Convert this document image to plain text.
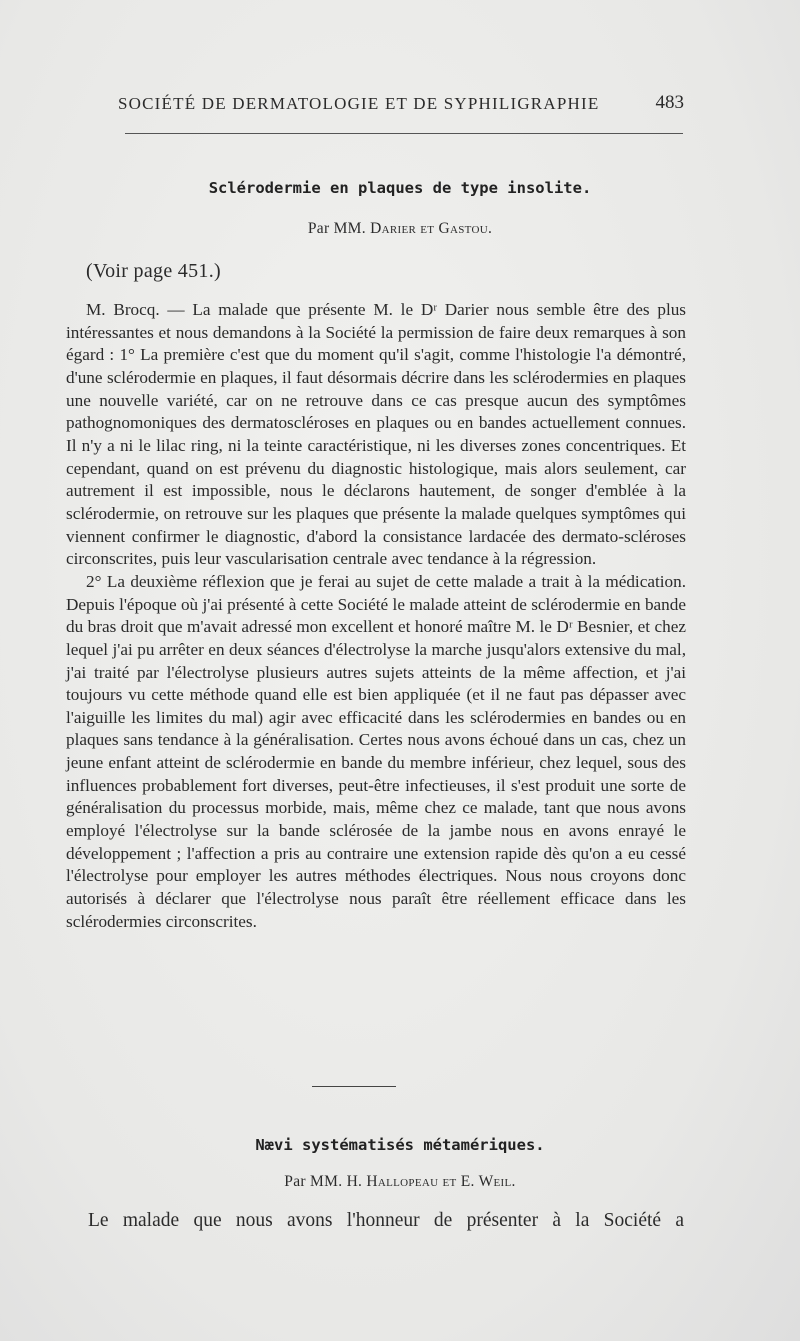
SOCIÉTÉ DE DERMATOLOGIE ET DE SYPHILIGRAPHIE	483
Sclérodermie en plaques de type insolite.
Par MM. Darier et Gastou.
(Voir page 451.)

M. Brocq. — La malade que présente M. le Dʳ Darier nous semble être des plus intéressantes et nous demandons à la Société la permission de faire deux remarques à son égard : 1° La première c'est que du moment qu'il s'agit, comme l'histologie l'a démontré, d'une sclérodermie en plaques, il faut désormais décrire dans les sclérodermies en plaques une nouvelle variété, car on ne retrouve dans ce cas presque aucun des symptômes pathognomoniques des dermatoscléroses en plaques ou en bandes actuellement connues. Il n'y a ni le lilac ring, ni la teinte caractéristique, ni les diverses zones concentriques. Et cependant, quand on est prévenu du diagnostic histologique, mais alors seulement, car autrement il est impossible, nous le déclarons hautement, de songer d'emblée à la sclérodermie, on retrouve sur les plaques que présente la malade quelques symptômes qui viennent confirmer le diagnostic, d'abord la consistance lardacée des dermato-scléroses circonscrites, puis leur vascularisation centrale avec tendance à la régression.

2° La deuxième réflexion que je ferai au sujet de cette malade a trait à la médication. Depuis l'époque où j'ai présenté à cette Société le malade atteint de sclérodermie en bande du bras droit que m'avait adressé mon excellent et honoré maître M. le Dʳ Besnier, et chez lequel j'ai pu arrêter en deux séances d'électrolyse la marche jusqu'alors extensive du mal, j'ai traité par l'électrolyse plusieurs autres sujets atteints de la même affection, et j'ai toujours vu cette méthode quand elle est bien appliquée (et il ne faut pas dépasser avec l'aiguille les limites du mal) agir avec efficacité dans les sclérodermies en bandes ou en plaques sans tendance à la généralisation. Certes nous avons échoué dans un cas, chez un jeune enfant atteint de sclérodermie en bande du membre inférieur, chez lequel, sous des influences probablement fort diverses, peut-être infectieuses, il s'est produit une sorte de généralisation du processus morbide, mais, même chez ce malade, tant que nous avons employé l'électrolyse sur la bande sclérosée de la jambe nous en avons enrayé le développement ; l'affection a pris au contraire une extension rapide dès qu'on a eu cessé l'électrolyse pour employer les autres méthodes électriques. Nous nous croyons donc autorisés à déclarer que l'électrolyse nous paraît être réellement efficace dans les sclérodermies circonscrites.

Nævi systématisés métamériques.
Par MM. H. Hallopeau et E. Weil.
Le malade que nous avons l'honneur de présenter à la Société a
